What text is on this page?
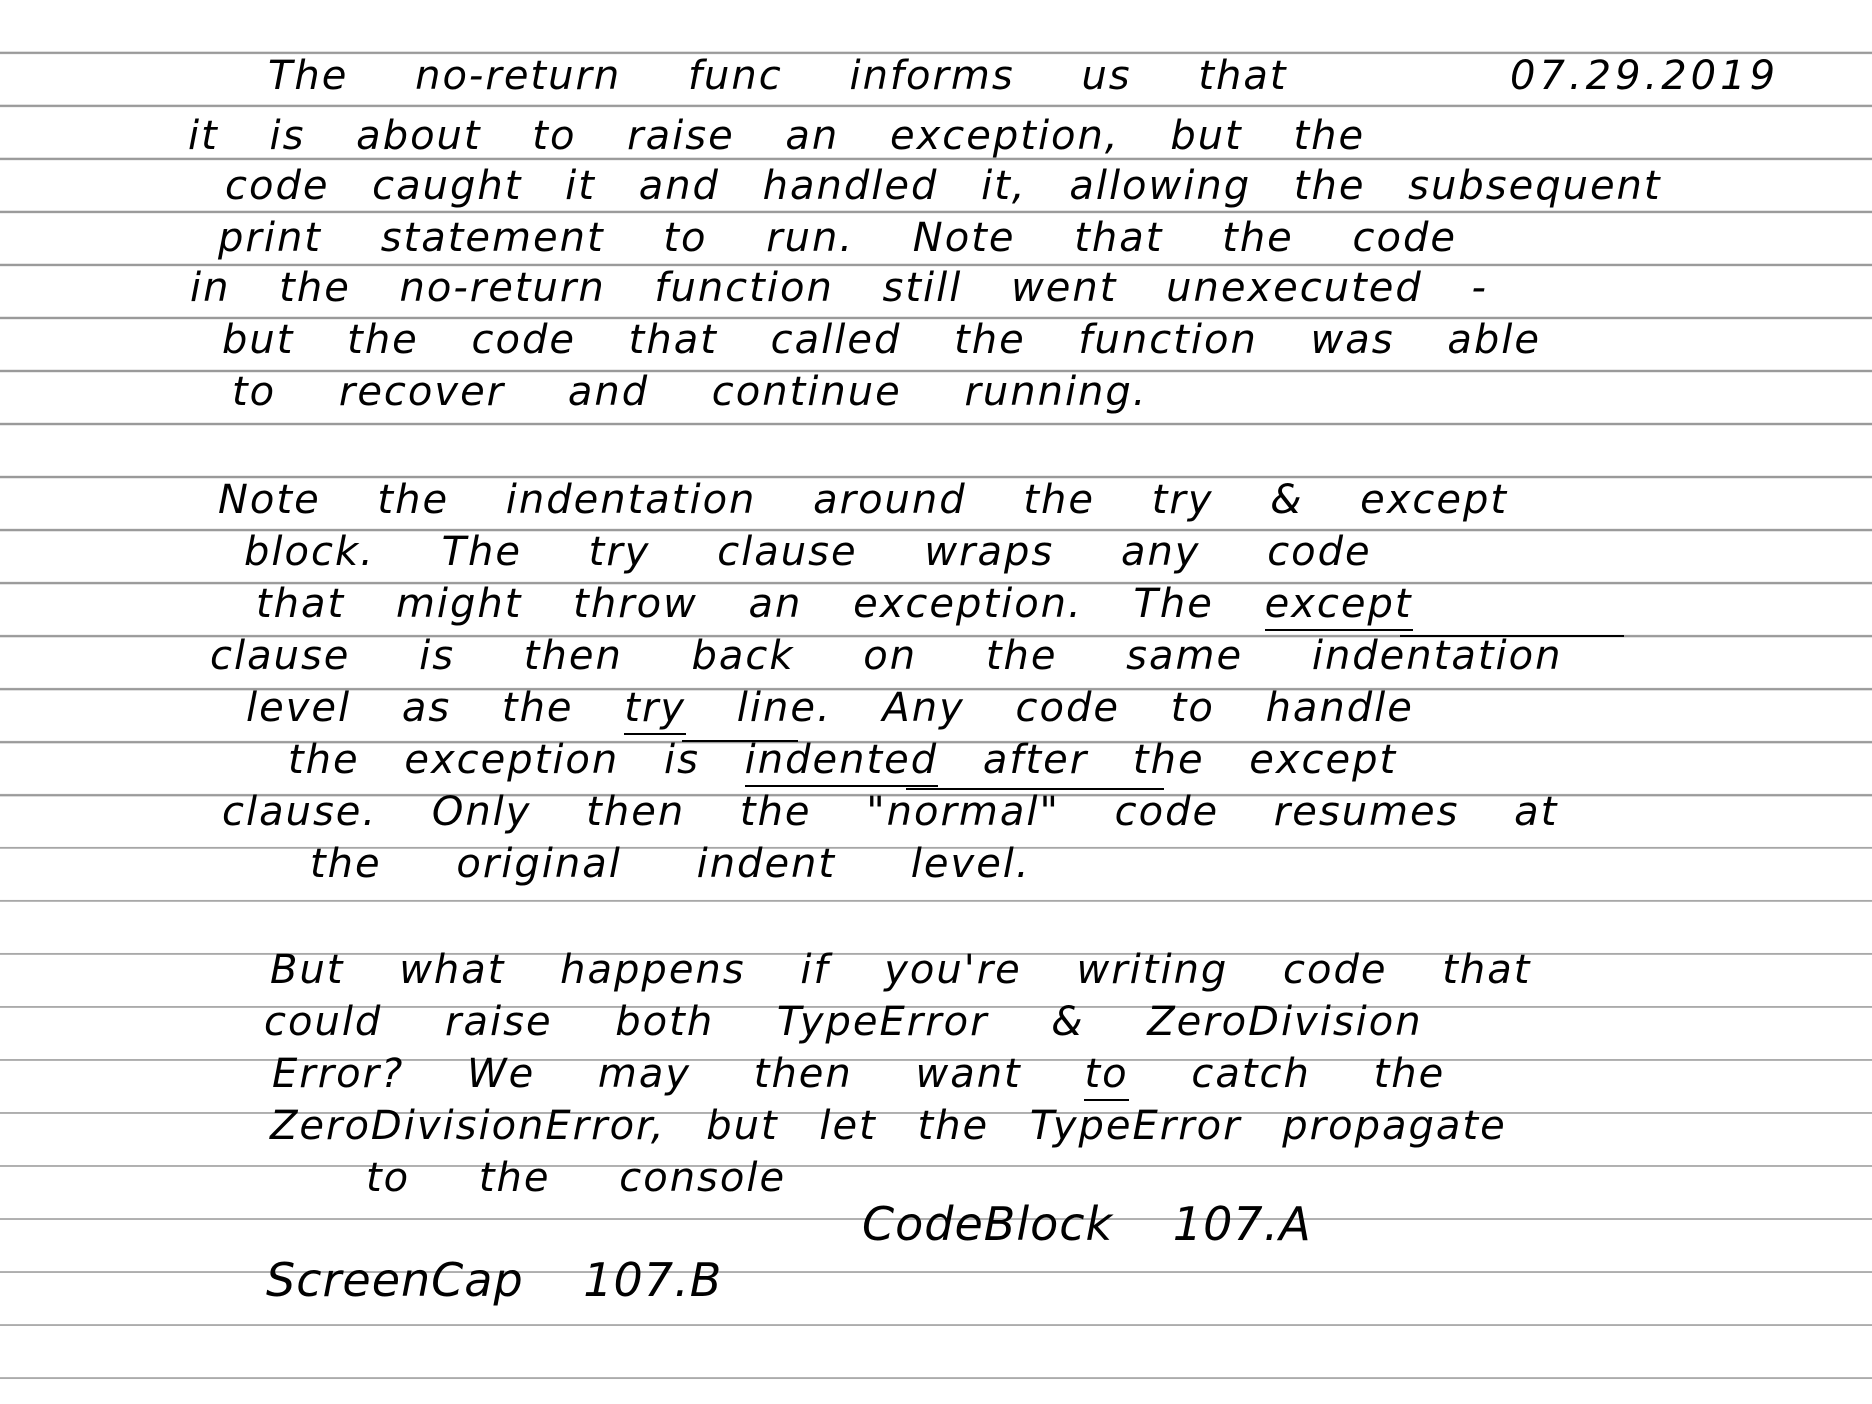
07.29.2019
The no-return func informs us that
it is about to raise an exception, but the
code caught it and handled it, allowing the subsequent
print statement to run. Note that the code
in the no-return function still went unexecuted -
but the code that called the function was able
to recover and continue running.
Note the indentation around the try & except
block. The try clause wraps any code
that might throw an exception. The except
clause is then back on the same indentation
level as the try line. Any code to handle
the exception is indented after the except
clause. Only then the "normal" code resumes at
the original indent level.
But what happens if you're writing code that
could raise both TypeError & ZeroDivision
Error? We may then want to catch the
ZeroDivisionError, but let the TypeError propagate
to the console
CodeBlock 107.A
ScreenCap 107.B
